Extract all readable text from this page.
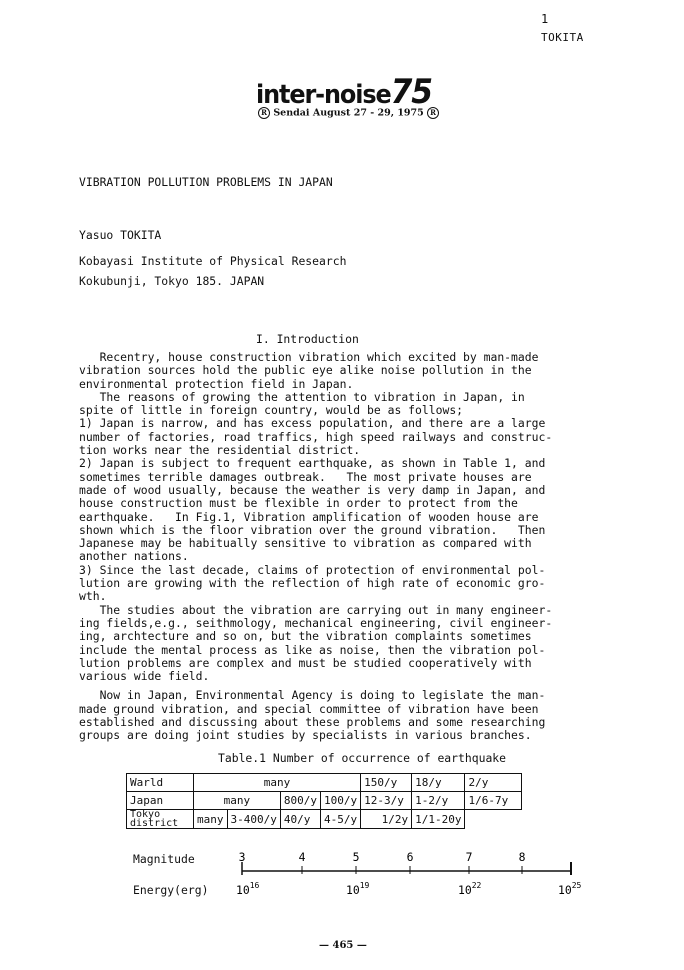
1
TOKITA
inter-noise75
R Sendai August 27 - 29, 1975 R
VIBRATION POLLUTION PROBLEMS IN JAPAN
Yasuo TOKITA
Kobayasi Institute of Physical Research
Kokubunji, Tokyo 185. JAPAN
I. Introduction

Recentry, house construction vibration which excited by man-made

vibration sources hold the public eye alike noise pollution in the

environmental protection field in Japan.

The reasons of growing the attention to vibration in Japan, in

spite of little in foreign country, would be as follows;

1) Japan is narrow, and has excess population, and there are a large

number of factories, road traffics, high speed railways and construc-

tion works near the residential district.

2) Japan is subject to frequent earthquake, as shown in Table 1, and

sometimes terrible damages outbreak.   The most private houses are

made of wood usually, because the weather is very damp in Japan, and

house construction must be flexible in order to protect from the

earthquake.   In Fig.1, Vibration amplification of wooden house are

shown which is the floor vibration over the ground vibration.   Then

Japanese may be habitually sensitive to vibration as compared with

another nations.

3) Since the last decade, claims of protection of environmental pol-

lution are growing with the reflection of high rate of economic gro-

wth.

The studies about the vibration are carrying out in many engineer-

ing fields,e.g., seithmology, mechanical engineering, civil engineer-

ing, archtecture and so on, but the vibration complaints sometimes

include the mental process as like as noise, then the vibration pol-

lution problems are complex and must be studied cooperatively with

various wide field.

Now in Japan, Environmental Agency is doing to legislate the man-

made ground vibration, and special committee of vibration have been

established and discussing about these problems and some researching

groups are doing joint studies by specialists in various branches.

Table.1 Number of occurrence of earthquake
Warld	many				150/y	18/y	2/y
Japan	many		800/y	100/y	12-3/y	1-2/y	1/6-7y
Tokyo district	many	3-400/y	40/y	4-5/y	1/2y	1/1-20y	
Magnitude
Energy(erg)
3	4	5	6	7	8
$10^{16}$	$10^{19}$	$10^{22}$	$10^{25}$
— 465 —
